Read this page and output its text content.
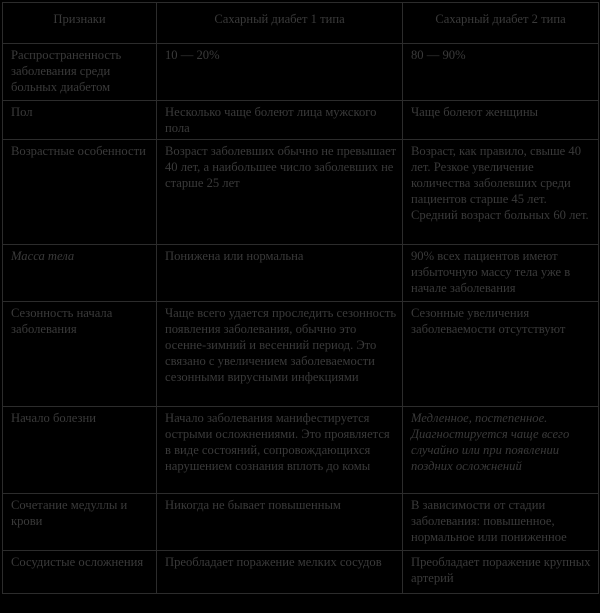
Признаки	Сахарный диабет 1 типа	Сахарный диабет 2 типа
Распространенность заболевания среди больных диабетом	10 — 20%	80 — 90%
Пол	Несколько чаще болеют лица мужского пола	Чаще болеют женщины
Возрастные особенности	Возраст заболевших обычно не превышает 40 лет, а наибольшее число заболевших не старше 25 лет	Возраст, как правило, свыше 40 лет. Резкое увеличение количества заболевших среди пациентов старше 45 лет. Средний возраст больных 60 лет.
Масса тела	Понижена или нормальна	90% всех пациентов имеют избыточную массу тела уже в начале заболевания
Сезонность начала заболевания	Чаще всего удается проследить сезонность появления заболевания, обычно это осенне-зимний и весенний период. Это связано с увеличением заболеваемости сезонными вирусными инфекциями	Сезонные увеличения заболеваемости отсутствуют
Начало болезни	Начало заболевания манифестируется острыми осложнениями. Это проявляется в виде состояний, сопровождающихся нарушением сознания вплоть до комы	Медленное, постепенное. Диагностируется чаще всего случайно или при появлении поздних осложнений
Сочетание медуллы и крови	Никогда не бывает повышенным	В зависимости от стадии заболевания: повышенное, нормальное или пониженное
Сосудистые осложнения	Преобладает поражение мелких сосудов	Преобладает поражение крупных артерий
